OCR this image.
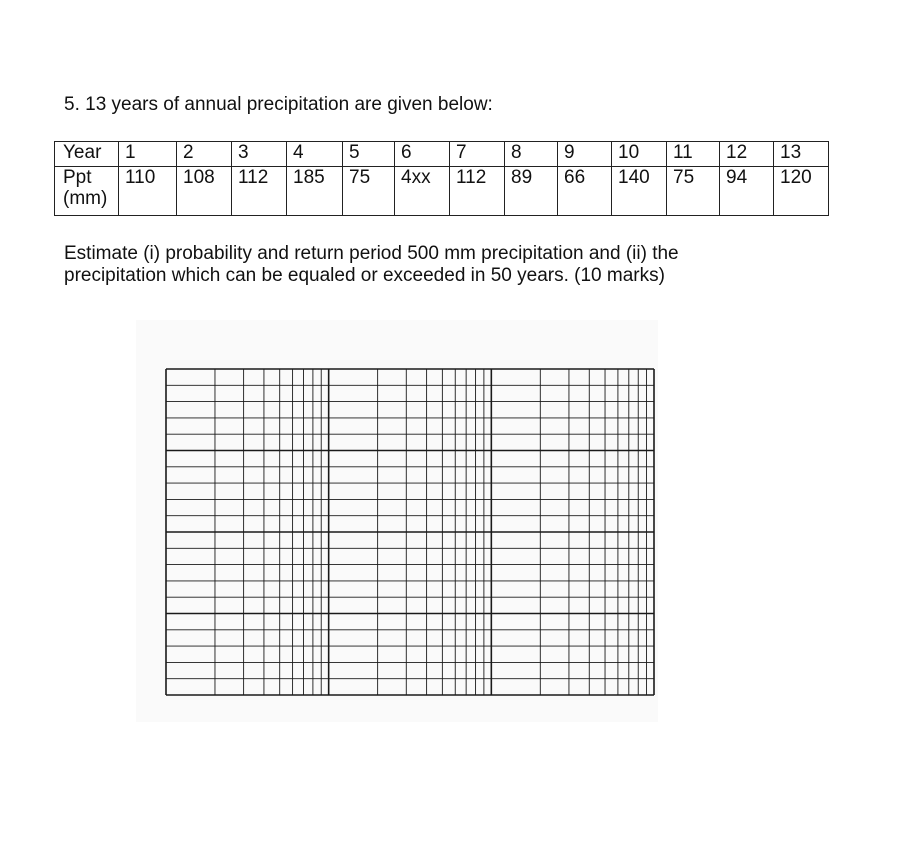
5. 13 years of annual precipitation are given below:

Year	1	2	3	4	5	6	7	8	9	10	11	12	13
Ppt
(mm)	110	108	112	185	75	4xx	112	89	66	140	75	94	120
Estimate (i) probability and return period 500 mm precipitation and (ii) the
precipitation which can be equaled or exceeded in 50 years. (10 marks)
